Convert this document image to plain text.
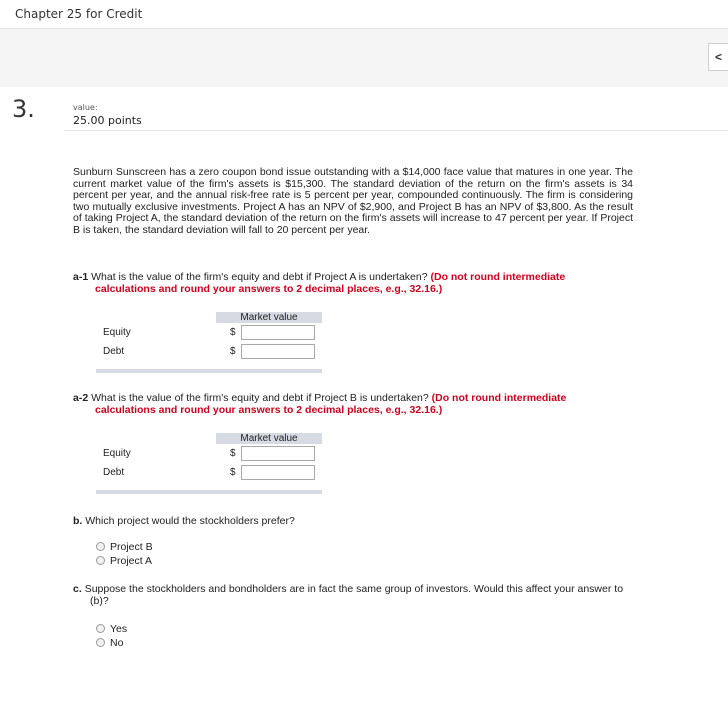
Chapter 25 for Credit
<
3.	value:
25.00 points
Sunburn Sunscreen has a zero coupon bond issue outstanding with a $14,000 face value that matures in one year. The current market value of the firm's assets is $15,300. The standard deviation of the return on the firm's assets is 34 percent per year, and the annual risk-free rate is 5 percent per year, compounded continuously. The firm is considering two mutually exclusive investments. Project A has an NPV of $2,900, and Project B has an NPV of $3,800. As the result of taking Project A, the standard deviation of the return on the firm's assets will increase to 47 percent per year. If Project B is taken, the standard deviation will fall to 20 percent per year.
a-1 What is the value of the firm's equity and debt if Project A is undertaken? (Do not round intermediate
calculations and round your answers to 2 decimal places, e.g., 32.16.)
Market value
Equity	$
Debt	$
a-2 What is the value of the firm's equity and debt if Project B is undertaken? (Do not round intermediate
calculations and round your answers to 2 decimal places, e.g., 32.16.)
Market value
Equity	$
Debt	$
b. Which project would the stockholders prefer?
Project B
Project A
c. Suppose the stockholders and bondholders are in fact the same group of investors. Would this affect your answer to (b)?
Yes
No
